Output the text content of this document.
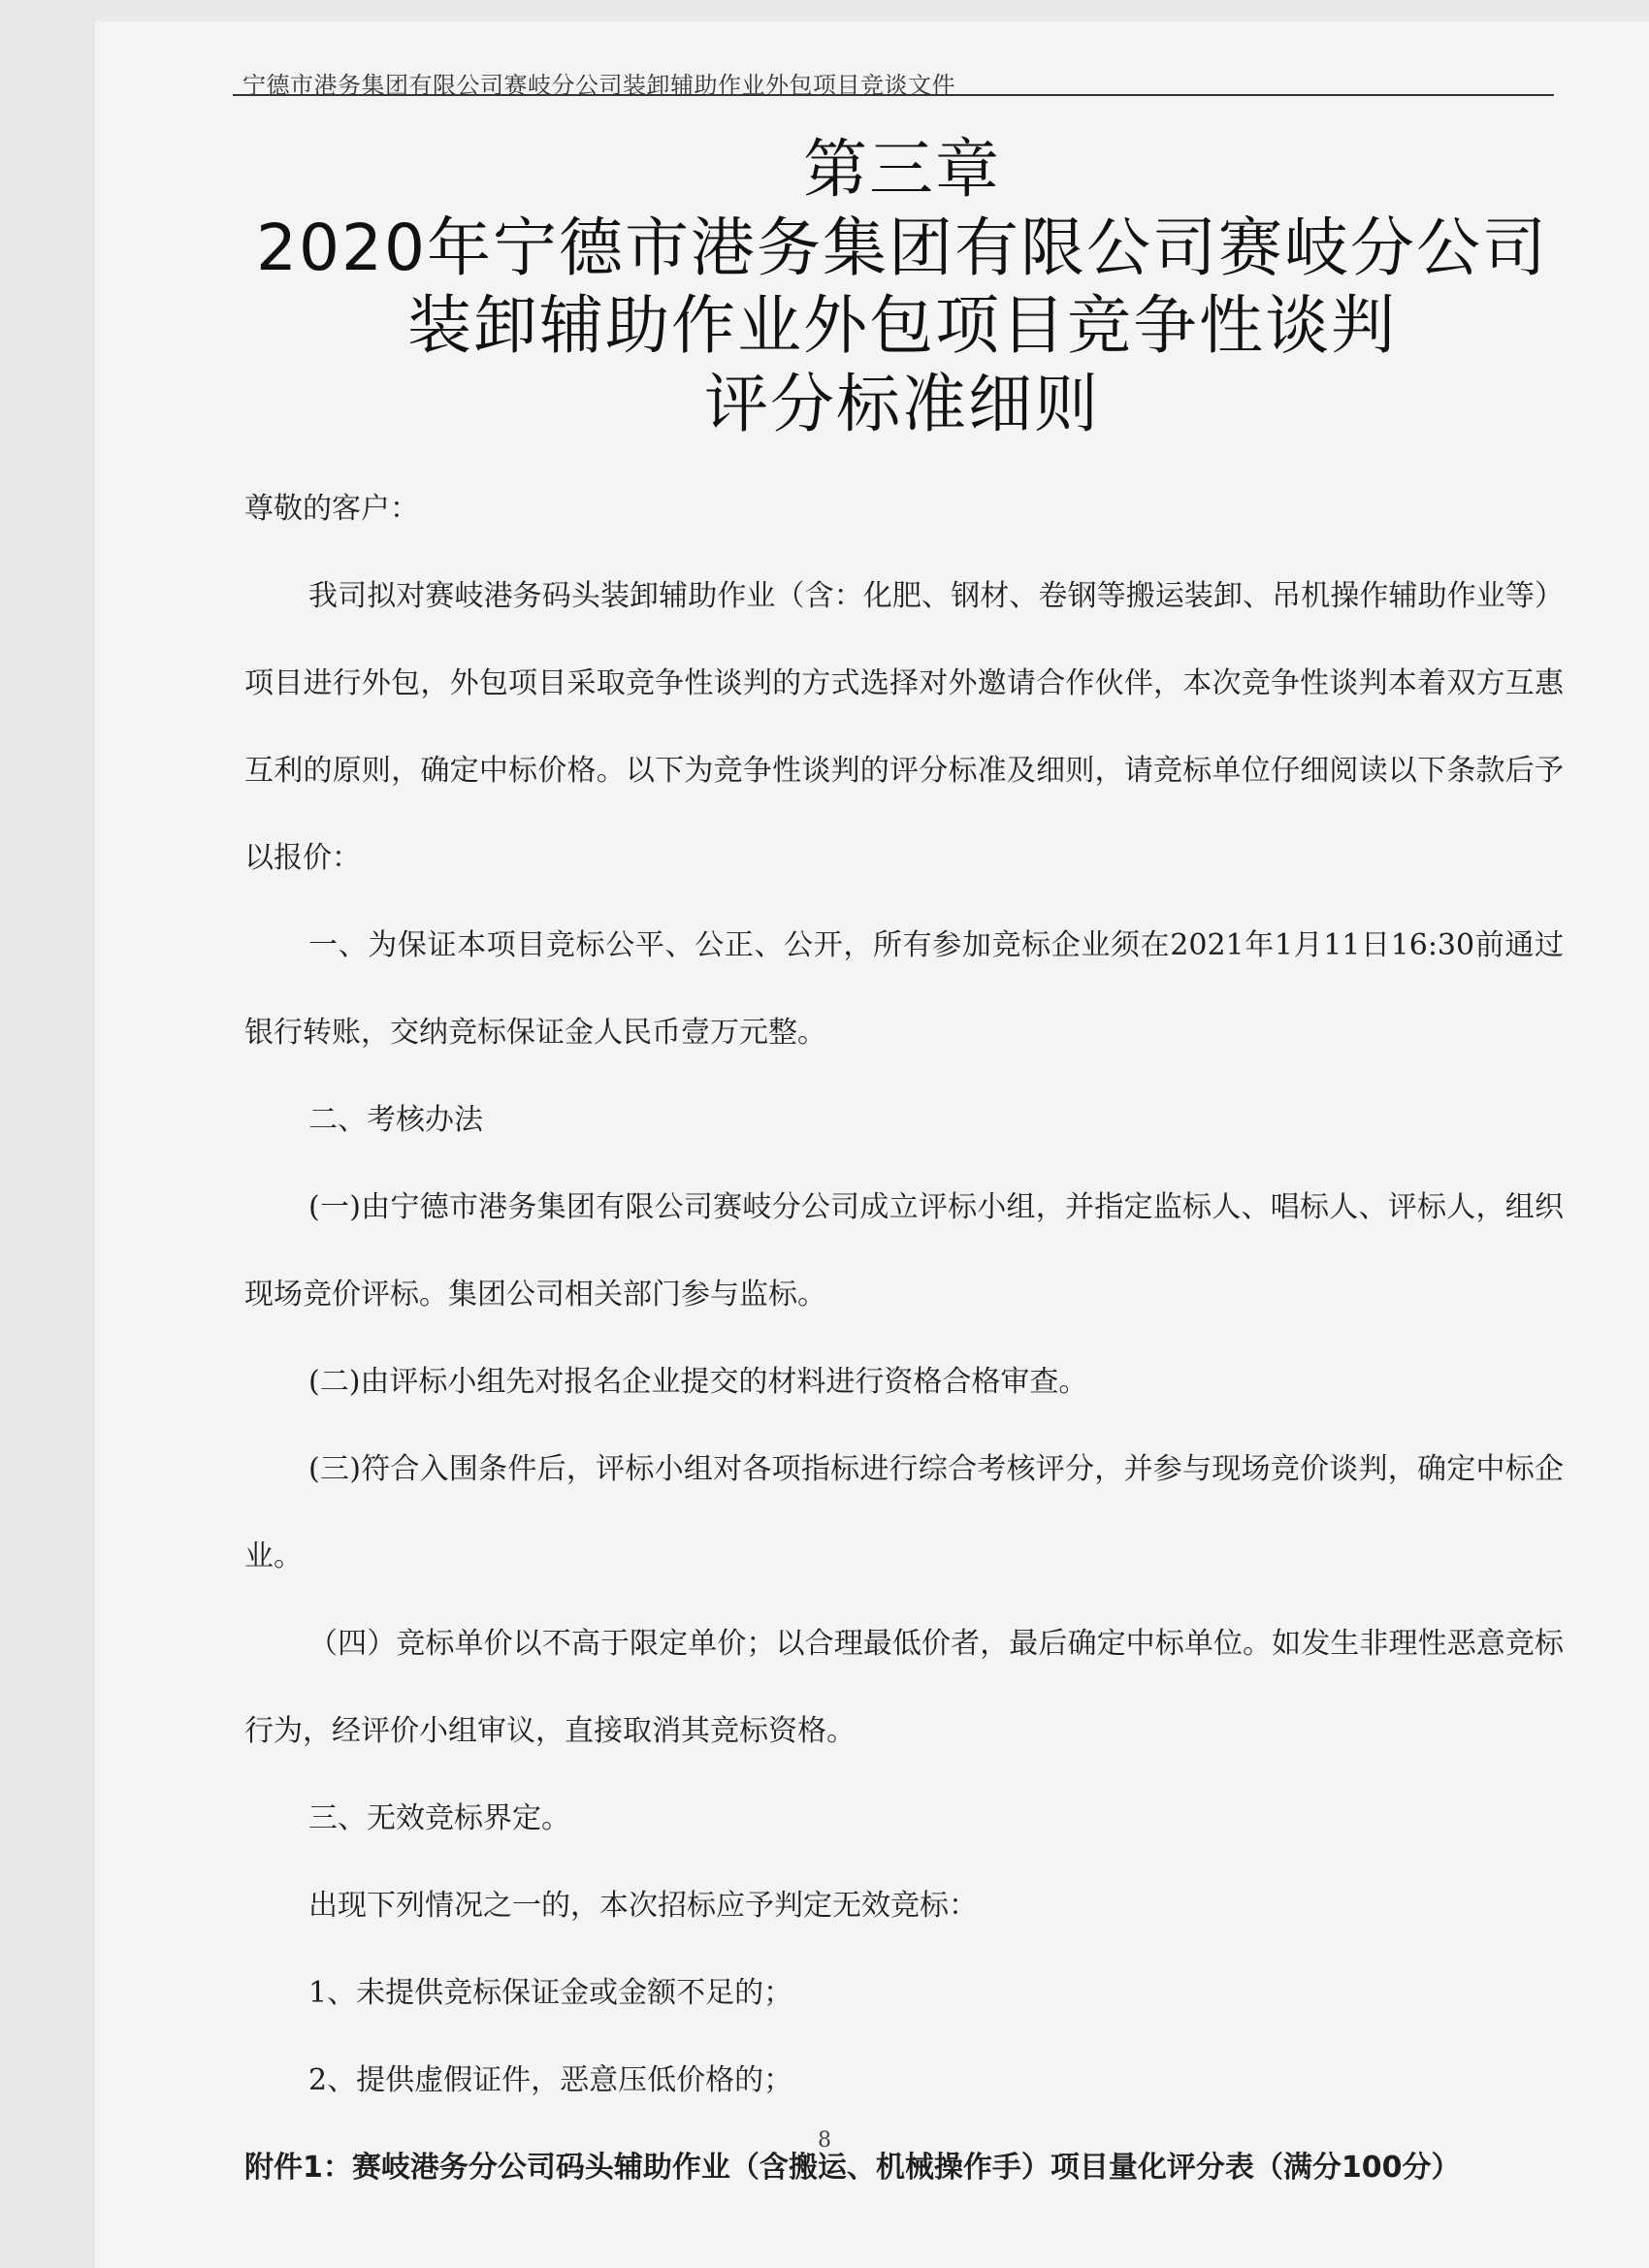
宁德市港务集团有限公司赛岐分公司装卸辅助作业外包项目竞谈文件
第三章
2020年宁德市港务集团有限公司赛岐分公司
装卸辅助作业外包项目竞争性谈判
评分标准细则

尊敬的客户：

我司拟对赛岐港务码头装卸辅助作业（含：化肥、钢材、卷钢等搬运装卸、吊机操作辅助作业等）项目进行外包，外包项目采取竞争性谈判的方式选择对外邀请合作伙伴，本次竞争性谈判本着双方互惠互利的原则，确定中标价格。以下为竞争性谈判的评分标准及细则，请竞标单位仔细阅读以下条款后予以报价：

一、为保证本项目竞标公平、公正、公开，所有参加竞标企业须在2021年1月11日16:30前通过银行转账，交纳竞标保证金人民币壹万元整。

二、考核办法

(一)由宁德市港务集团有限公司赛岐分公司成立评标小组，并指定监标人、唱标人、评标人，组织现场竞价评标。集团公司相关部门参与监标。

(二)由评标小组先对报名企业提交的材料进行资格合格审查。

(三)符合入围条件后，评标小组对各项指标进行综合考核评分，并参与现场竞价谈判，确定中标企业。

（四）竞标单价以不高于限定单价；以合理最低价者，最后确定中标单位。如发生非理性恶意竞标行为，经评价小组审议，直接取消其竞标资格。

三、无效竞标界定。

出现下列情况之一的，本次招标应予判定无效竞标：

1、未提供竞标保证金或金额不足的；

2、提供虚假证件，恶意压低价格的；

附件1：赛岐港务分公司码头辅助作业（含搬运、机械操作手）项目量化评分表（满分100分）

8
